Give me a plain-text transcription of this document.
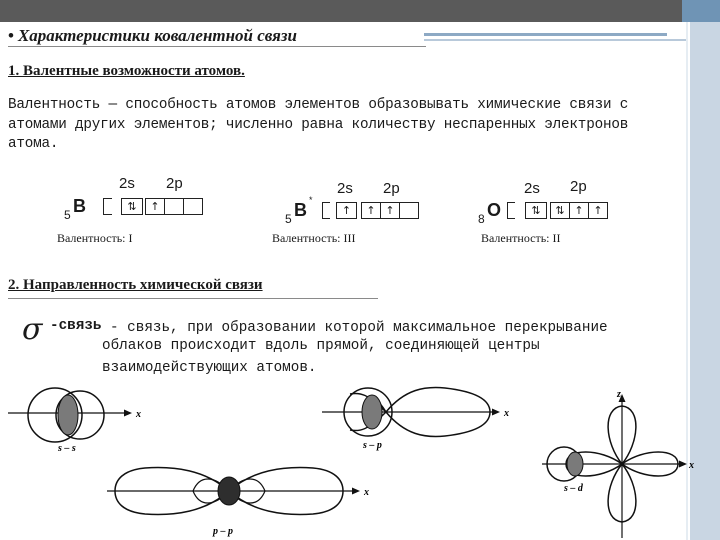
• Характеристики ковалентной связи
1. Валентные возможности атомов.
Валентность — способность атомов элементов образовывать химические связи с
атомами других элементов; численно равна количеству неспаренных электронов
атома.
2s 2p
5 B	⇅	↑
Валентность: I
2s 2p
5 B *
↑	↑ ↑
Валентность: III
2s 2p
8 O	⇅	⇅ ↑ ↑
Валентность: II
2. Направленность химической связи
σ -связь - связь, при образовании которой максимальное перекрывание
облаков происходит вдоль прямой, соединяющей центры
взаимодействующих атомов.
x
s – s
x
s – p
x
p – p
x
z
s – d
